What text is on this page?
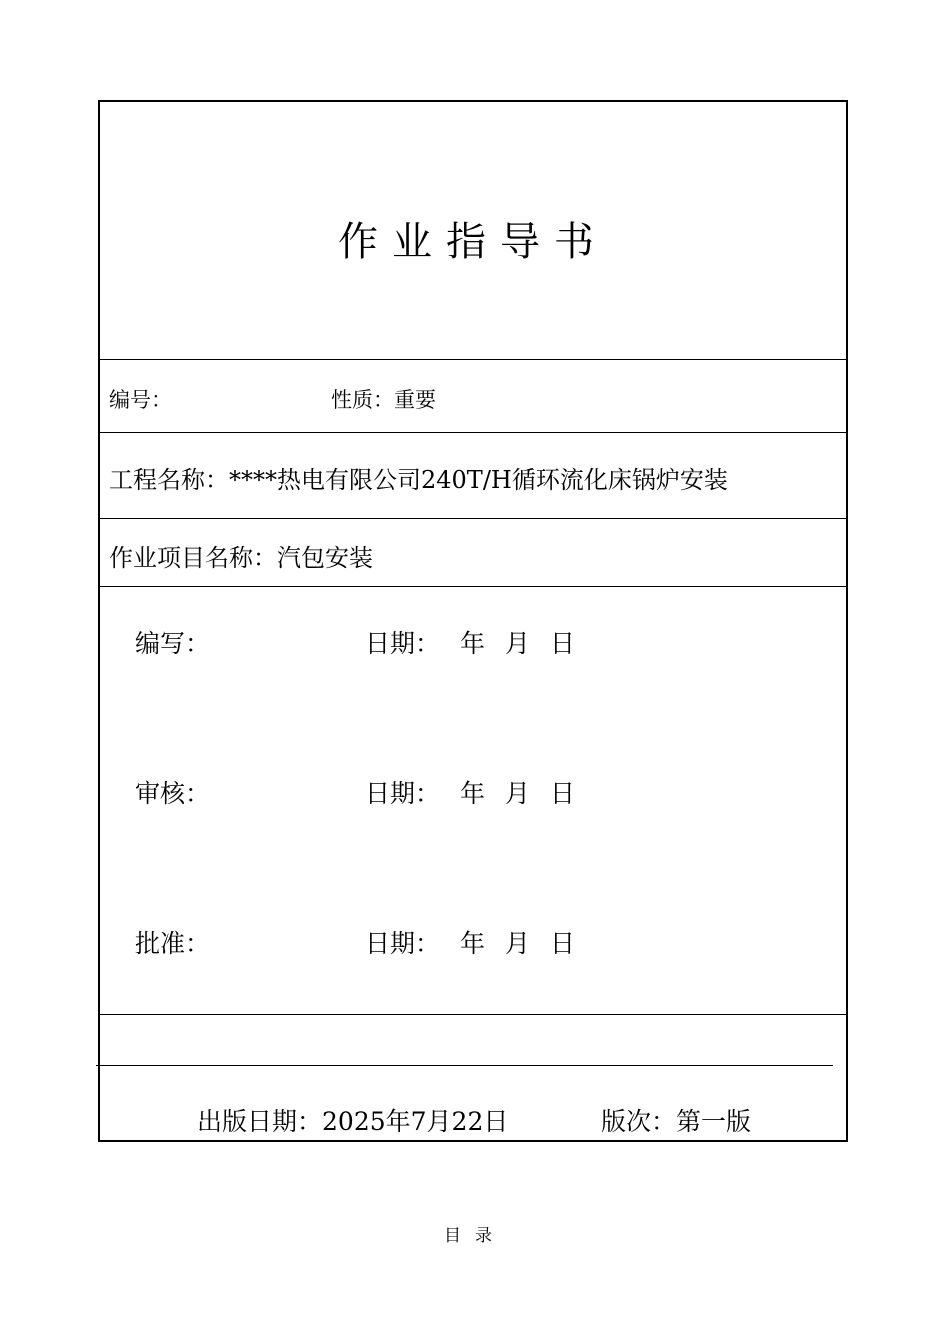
作业指导书
编号：	性质：重要
工程名称：****热电有限公司240T/H循环流化床锅炉安装
作业项目名称：汽包安装
编写：	日期： 年 月 日
审核：	日期： 年 月 日
批准：	日期： 年 月 日
出版日期：2025年7月22日	版次：第一版
目录
